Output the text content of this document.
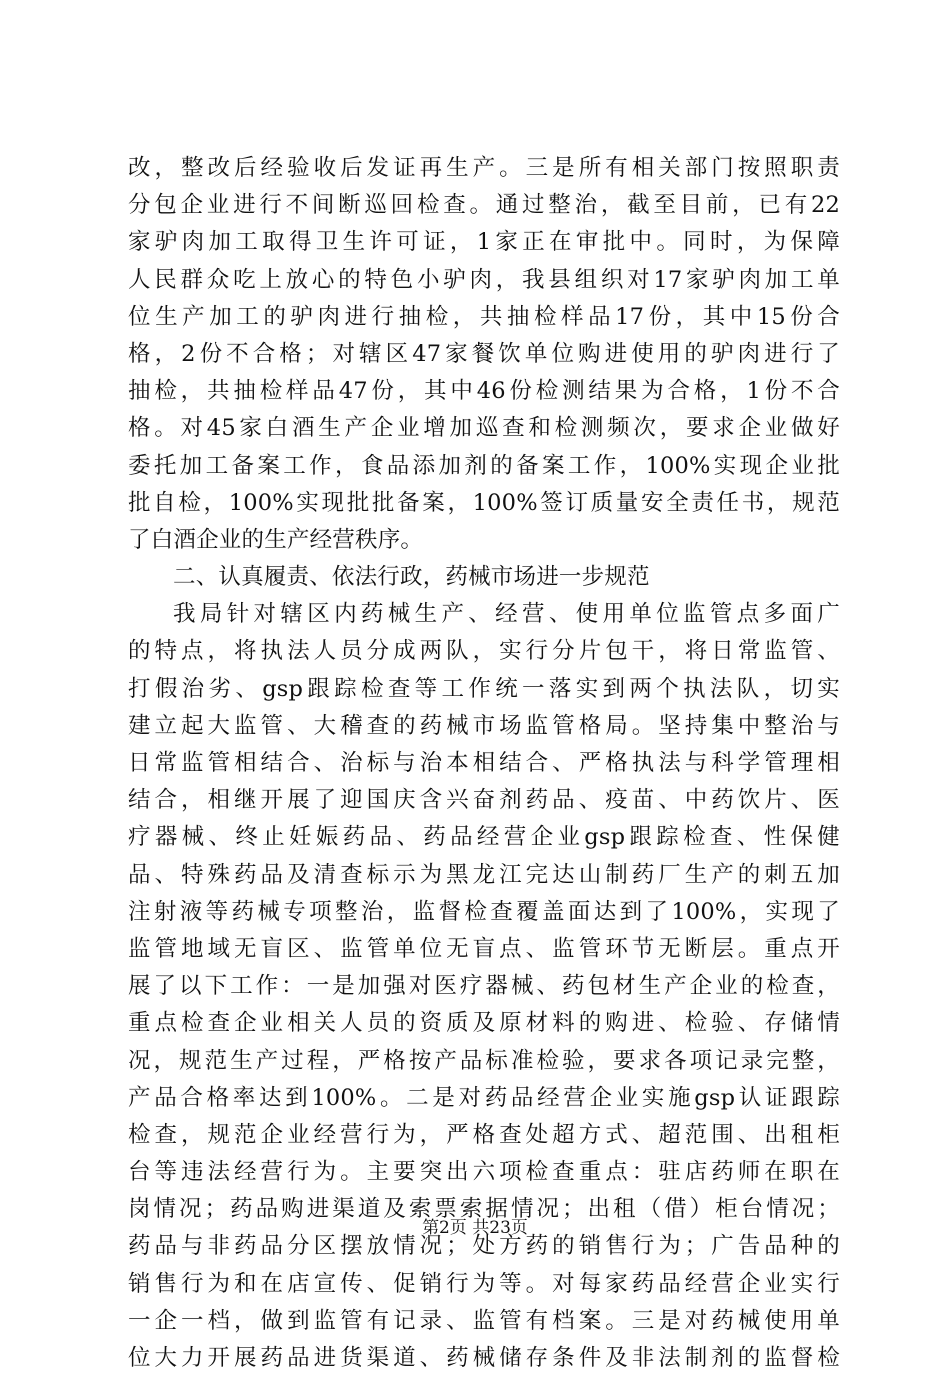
改，整改后经验收后发证再生产。三是所有相关部门按照职责
分包企业进行不间断巡回检查。通过整治，截至目前，已有22
家驴肉加工取得卫生许可证，1家正在审批中。同时，为保障
人民群众吃上放心的特色小驴肉，我县组织对17家驴肉加工单
位生产加工的驴肉进行抽检，共抽检样品17份，其中15份合
格，2份不合格；对辖区47家餐饮单位购进使用的驴肉进行了
抽检，共抽检样品47份，其中46份检测结果为合格，1份不合
格。对45家白酒生产企业增加巡查和检测频次，要求企业做好
委托加工备案工作，食品添加剂的备案工作，100%实现企业批
批自检，100%实现批批备案，100%签订质量安全责任书，规范
了白酒企业的生产经营秩序。
二、认真履责、依法行政，药械市场进一步规范
我局针对辖区内药械生产、经营、使用单位监管点多面广
的特点，将执法人员分成两队，实行分片包干，将日常监管、
打假治劣、gsp跟踪检查等工作统一落实到两个执法队，切实
建立起大监管、大稽查的药械市场监管格局。坚持集中整治与
日常监管相结合、治标与治本相结合、严格执法与科学管理相
结合，相继开展了迎国庆含兴奋剂药品、疫苗、中药饮片、医
疗器械、终止妊娠药品、药品经营企业gsp跟踪检查、性保健
品、特殊药品及清查标示为黑龙江完达山制药厂生产的刺五加
注射液等药械专项整治，监督检查覆盖面达到了100%，实现了
监管地域无盲区、监管单位无盲点、监管环节无断层。重点开
展了以下工作：一是加强对医疗器械、药包材生产企业的检查，
重点检查企业相关人员的资质及原材料的购进、检验、存储情
况，规范生产过程，严格按产品标准检验，要求各项记录完整，
产品合格率达到100%。二是对药品经营企业实施gsp认证跟踪
检查，规范企业经营行为，严格查处超方式、超范围、出租柜
台等违法经营行为。主要突出六项检查重点：驻店药师在职在
岗情况；药品购进渠道及索票索据情况；出租（借）柜台情况；
药品与非药品分区摆放情况；处方药的销售行为；广告品种的
销售行为和在店宣传、促销行为等。对每家药品经营企业实行
一企一档，做到监管有记录、监管有档案。三是对药械使用单
位大力开展药品进货渠道、药械储存条件及非法制剂的监督检
第2页 共23页
